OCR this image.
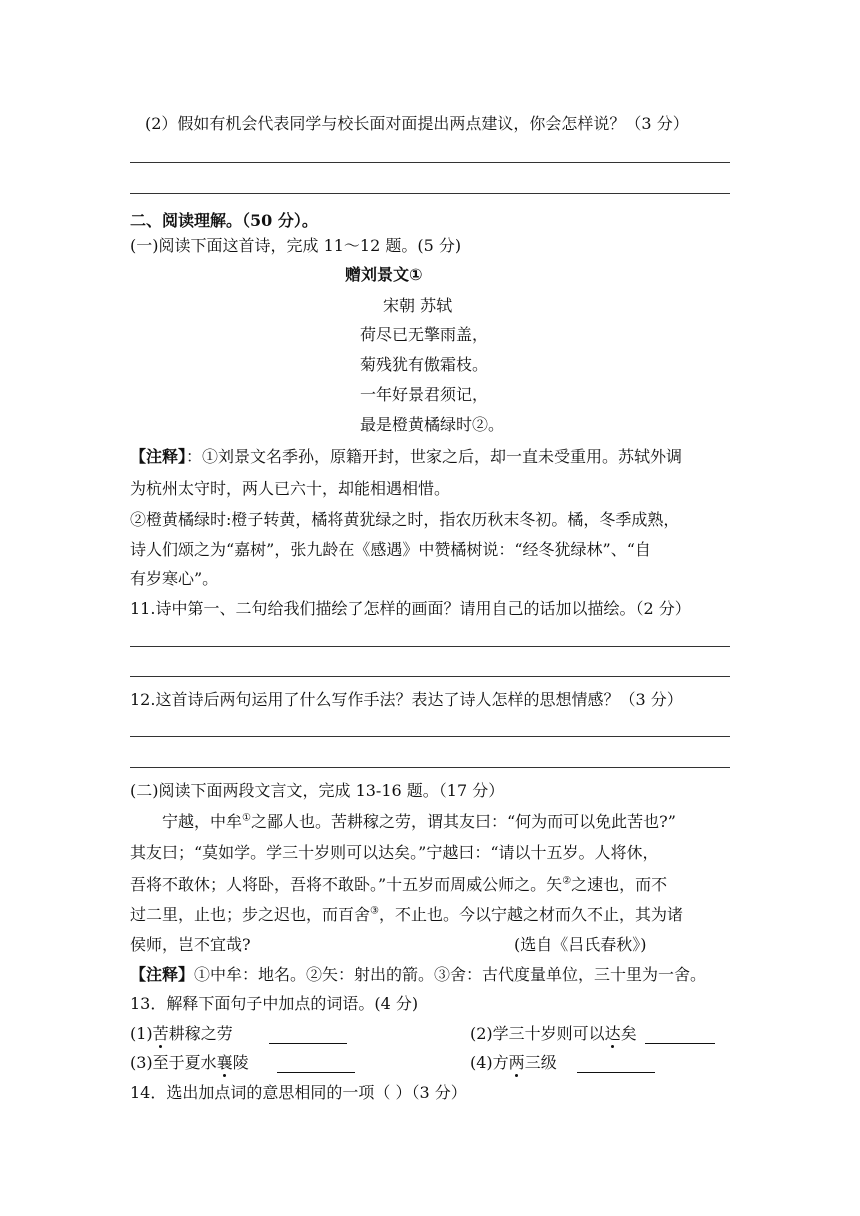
(2）假如有机会代表同学与校长面对面提出两点建议，你会怎样说？（3 分）
二、阅读理解。（50 分）。
(一)阅读下面这首诗，完成 11～12 题。(5 分)
赠刘景文①
宋朝 苏轼
荷尽已无擎雨盖，
菊残犹有傲霜枝。
一年好景君须记，
最是橙黄橘绿时②。
【注释】：①刘景文名季孙，原籍开封，世家之后，却一直未受重用。苏轼外调
为杭州太守时，两人已六十，却能相遇相惜。
②橙黄橘绿时:橙子转黄，橘将黄犹绿之时，指农历秋末冬初。橘，冬季成熟，
诗人们颂之为“嘉树”，张九龄在《感遇》中赞橘树说：“经冬犹绿林”、“自
有岁寒心”。
11.诗中第一、二句给我们描绘了怎样的画面？请用自己的话加以描绘。（2 分）
12.这首诗后两句运用了什么写作手法？表达了诗人怎样的思想情感？（3 分）
(二)阅读下面两段文言文，完成 13-16 题。（17 分）
宁越，中牟①之鄙人也。苦耕稼之劳，谓其友曰：“何为而可以免此苦也?”
其友曰；“莫如学。学三十岁则可以达矣。”宁越曰：“请以十五岁。人将休，
吾将不敢休；人将卧，吾将不敢卧。”十五岁而周威公师之。矢②之速也，而不
过二里，止也；步之迟也，而百舍③，不止也。今以宁越之材而久不止，其为诸
侯师，岂不宜哉?	(选自《吕氏春秋》)
【注释】①中牟：地名。②矢：射出的箭。③舍：古代度量单位，三十里为一舍。
13．解释下面句子中加点的词语。(4 分)
(1)苦耕稼之劳	(2)学三十岁则可以达矣
(3)至于夏水襄陵	(4)方两三级
14．选出加点词的意思相同的一项（ ）（3 分）
